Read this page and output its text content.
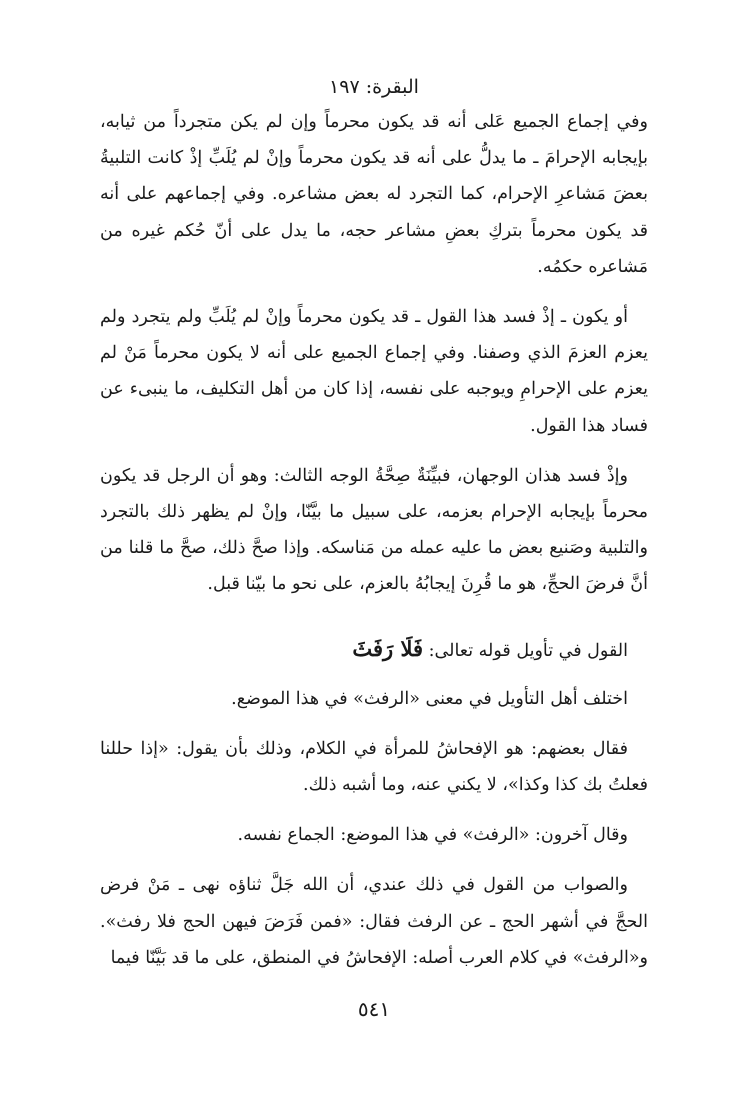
البقرة: ١٩٧

وفي إجماع الجميع عَلى أنه قد يكون محرماً وإن لم يكن متجرداً من ثيابه، بإيجابه الإحرامَ ـ ما يدلُّ على أنه قد يكون محرماً وإنْ لم يُلَبِّ إذْ كانت التلبيةُ بعضَ مَشاعرِ الإحرام، كما التجرد له بعض مشاعره. وفي إجماعهم على أنه قد يكون محرماً بتركِ بعضِ مشاعر حجه، ما يدل على أنّ حُكم غيره من مَشاعره حكمُه.

أو يكون ـ إذْ فسد هذا القول ـ قد يكون محرماً وإنْ لم يُلَبِّ ولم يتجرد ولم يعزم العزمَ الذي وصفنا. وفي إجماع الجميع على أنه لا يكون محرماً مَنْ لم يعزم على الإحرامِ ويوجبه على نفسه، إذا كان من أهل التكليف، ما ينبىء عن فساد هذا القول.

وإذْ فسد هذان الوجهان، فبيِّنَةٌ صِحَّةُ الوجه الثالث: وهو أن الرجل قد يكون محرماً بإيجابه الإحرام بعزمه، على سبيل ما بيَّنّا، وإنْ لم يظهر ذلك بالتجرد والتلبية وصَنيع بعض ما عليه عمله من مَناسكه. وإذا صحَّ ذلك، صحَّ ما قلنا من أنَّ فرضَ الحجِّ، هو ما قُرِنَ إيجابُهُ بالعزم، على نحو ما بيّنا قبل.

القول في تأويل قوله تعالى: فَلَا رَفَثَ

اختلف أهل التأويل في معنى «الرفث» في هذا الموضع.

فقال بعضهم: هو الإفحاشُ للمرأة في الكلام، وذلك بأن يقول: «إذا حللنا فعلتُ بك كذا وكذا»، لا يكني عنه، وما أشبه ذلك.

وقال آخرون: «الرفث» في هذا الموضع: الجماع نفسه.

والصواب من القول في ذلك عندي، أن الله جَلَّ ثناؤه نهى ـ مَنْ فرض الحجَّ في أشهر الحج ـ عن الرفث فقال: «فمن فَرَضَ فيهن الحج فلا رفث». و«الرفث» في كلام العرب أصله: الإفحاشُ في المنطق، على ما قد بَيَّنّا فيما

٥٤١
